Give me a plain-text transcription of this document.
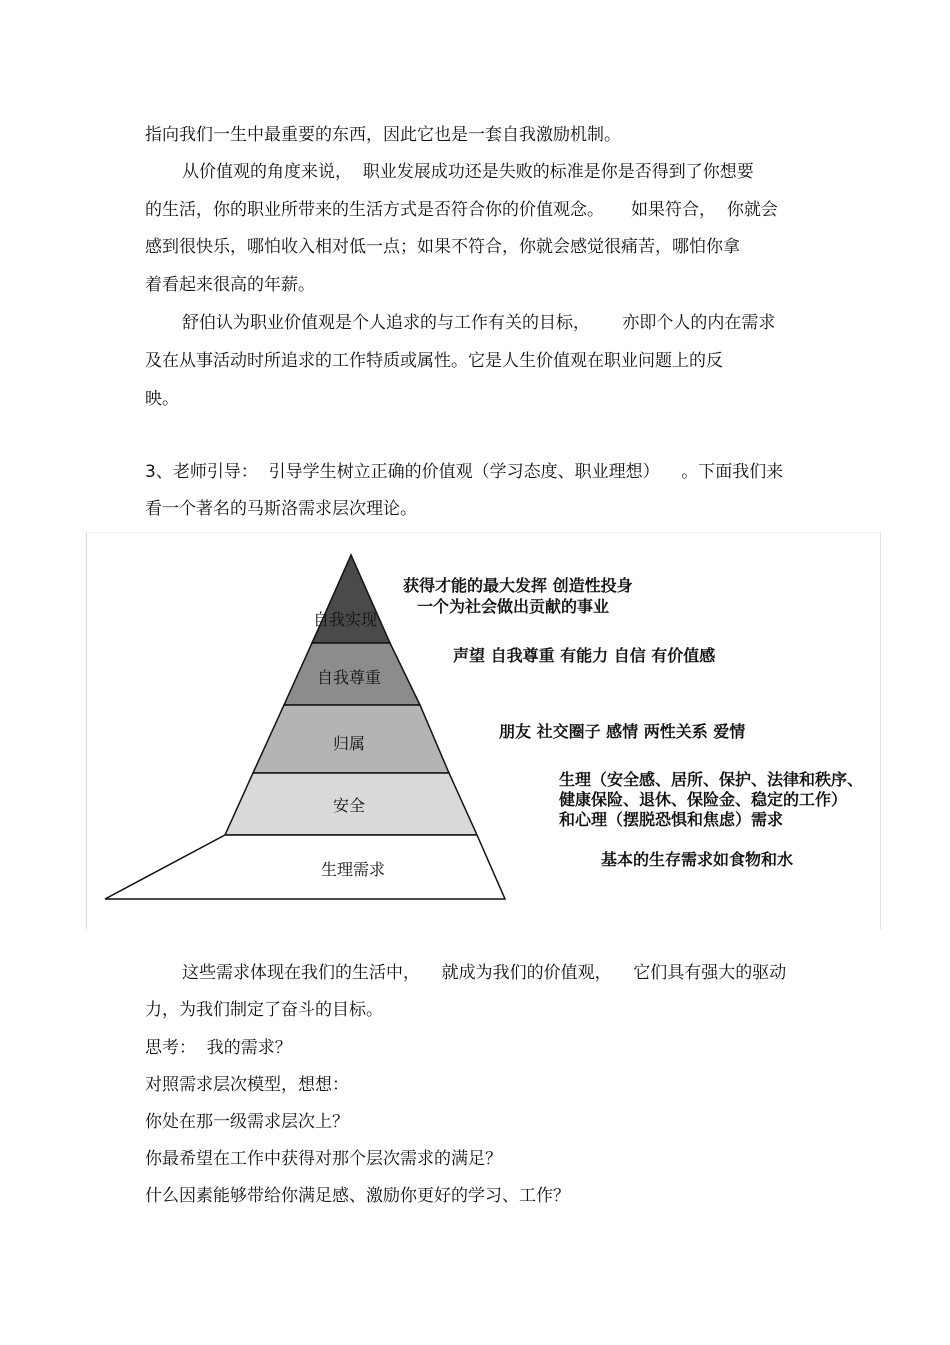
指向我们一生中最重要的东西，因此它也是一套自我激励机制。
从价值观的角度来说，  职业发展成功还是失败的标准是你是否得到了你想要
的生活，你的职业所带来的生活方式是否符合你的价值观念。     如果符合，  你就会
感到很快乐，哪怕收入相对低一点；如果不符合，你就会感觉很痛苦，哪怕你拿
着看起来很高的年薪。
舒伯认为职业价值观是个人追求的与工作有关的目标，      亦即个人的内在需求
及在从事活动时所追求的工作特质或属性。它是人生价值观在职业问题上的反
映。
3、老师引导：  引导学生树立正确的价值观（学习态度、职业理想）    。下面我们来
看一个著名的马斯洛需求层次理论。
自我实现
自我尊重
归属
安全
生理需求
获得才能的最大发挥 创造性投身
一个为社会做出贡献的事业
声望 自我尊重 有能力 自信 有价值感
朋友 社交圈子 感情 两性关系 爱情
生理（安全感、居所、保护、法律和秩序、
健康保险、退休、保险金、稳定的工作）
和心理（摆脱恐惧和焦虑）需求
基本的生存需求如食物和水
这些需求体现在我们的生活中，    就成为我们的价值观，    它们具有强大的驱动
力，为我们制定了奋斗的目标。
思考：  我的需求？
对照需求层次模型，想想：
你处在那一级需求层次上？
你最希望在工作中获得对那个层次需求的满足？
什么因素能够带给你满足感、激励你更好的学习、工作？
